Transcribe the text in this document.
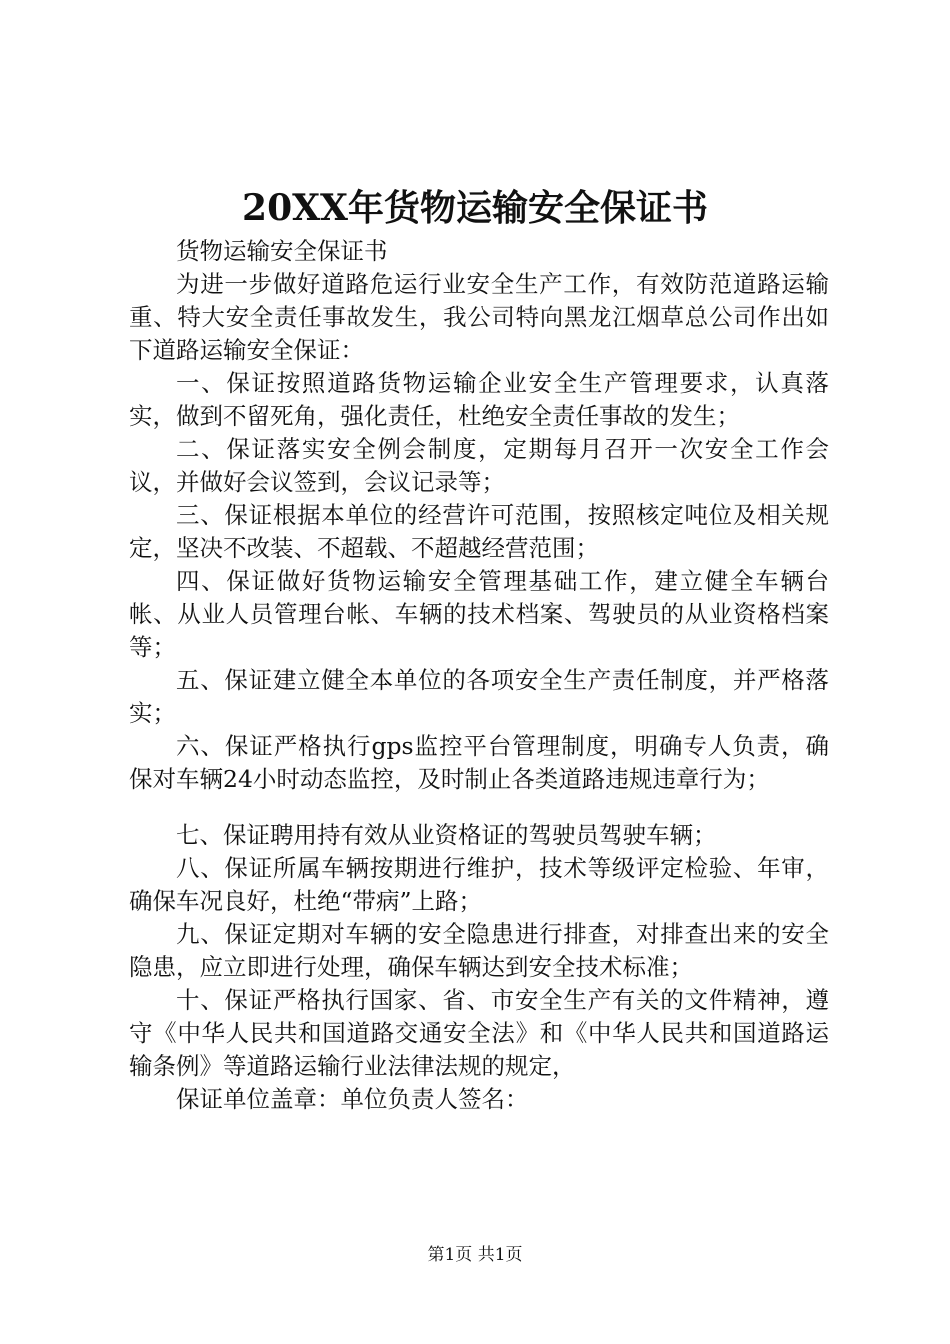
20XX年货物运输安全保证书

货物运输安全保证书

为进一步做好道路危运行业安全生产工作，有效防范道路运输重、特大安全责任事故发生，我公司特向黑龙江烟草总公司作出如下道路运输安全保证：

一、保证按照道路货物运输企业安全生产管理要求，认真落实，做到不留死角，强化责任，杜绝安全责任事故的发生；

二、保证落实安全例会制度，定期每月召开一次安全工作会议，并做好会议签到，会议记录等；

三、保证根据本单位的经营许可范围，按照核定吨位及相关规定，坚决不改装、不超载、不超越经营范围；

四、保证做好货物运输安全管理基础工作，建立健全车辆台帐、从业人员管理台帐、车辆的技术档案、驾驶员的从业资格档案等；

五、保证建立健全本单位的各项安全生产责任制度，并严格落实；

六、保证严格执行gps监控平台管理制度，明确专人负责，确保对车辆24小时动态监控，及时制止各类道路违规违章行为；

七、保证聘用持有效从业资格证的驾驶员驾驶车辆；

八、保证所属车辆按期进行维护，技术等级评定检验、年审，确保车况良好，杜绝“带病”上路；

九、保证定期对车辆的安全隐患进行排查，对排查出来的安全隐患，应立即进行处理，确保车辆达到安全技术标准；

十、保证严格执行国家、省、市安全生产有关的文件精神，遵守《中华人民共和国道路交通安全法》和《中华人民共和国道路运输条例》等道路运输行业法律法规的规定，

保证单位盖章：单位负责人签名：

第1页 共1页
